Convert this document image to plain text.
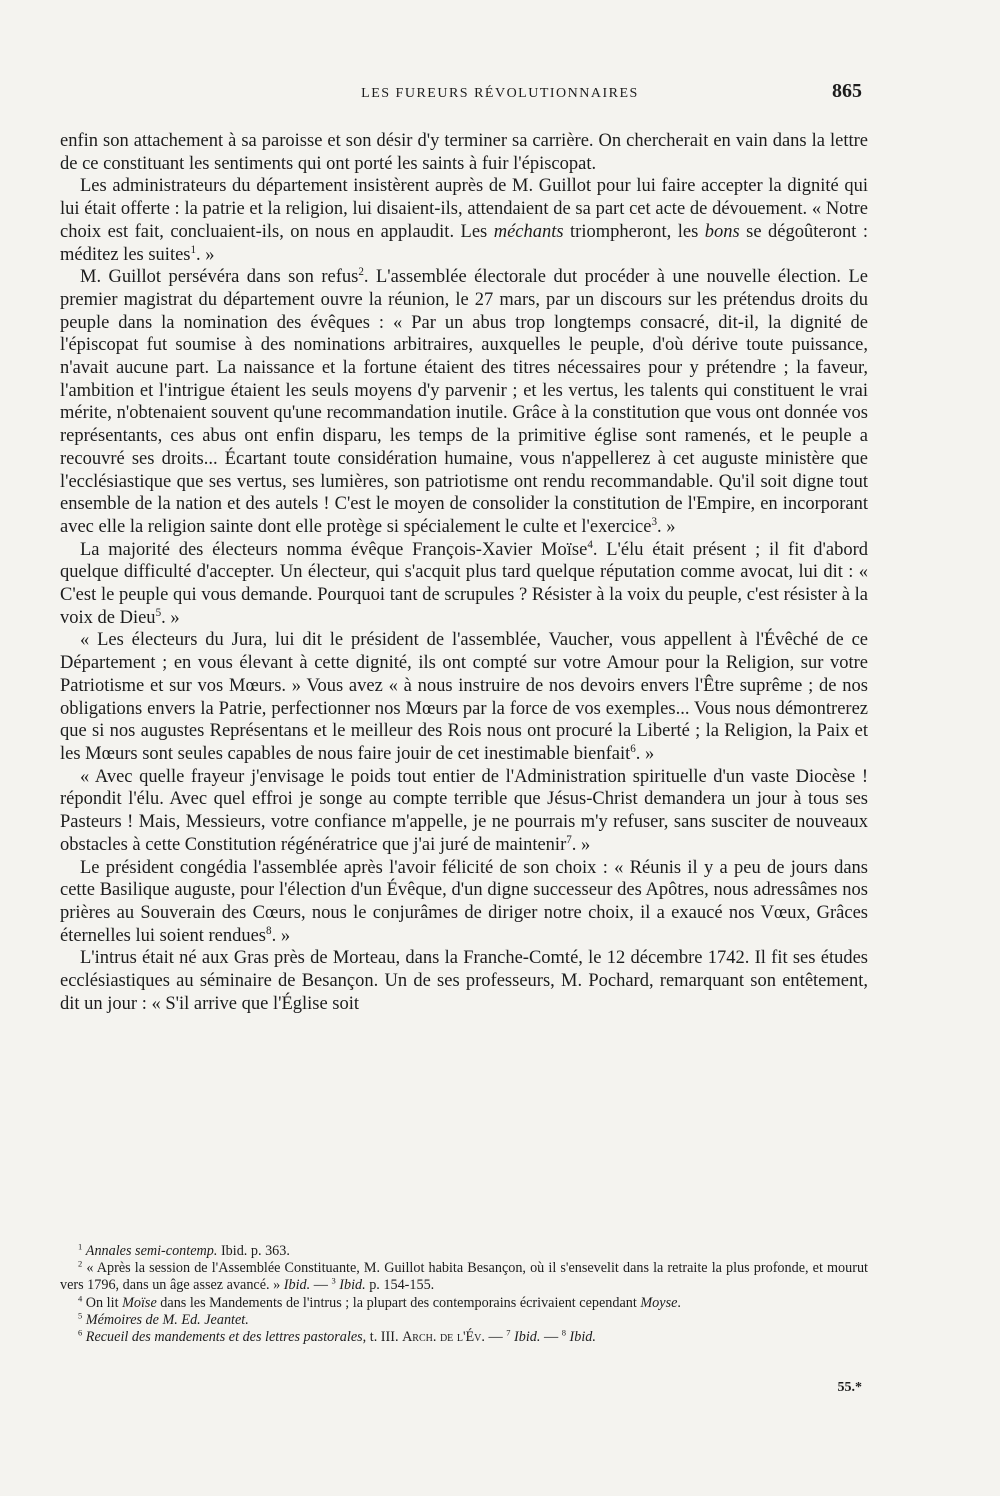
LES FUREURS RÉVOLUTIONNAIRES	865

enfin son attachement à sa paroisse et son désir d'y terminer sa carrière. On chercherait en vain dans la lettre de ce constituant les sentiments qui ont porté les saints à fuir l'épiscopat.

Les administrateurs du département insistèrent auprès de M. Guillot pour lui faire accepter la dignité qui lui était offerte : la patrie et la religion, lui disaient-ils, attendaient de sa part cet acte de dévouement. « Notre choix est fait, concluaient-ils, on nous en applaudit. Les méchants triompheront, les bons se dégoûteront : méditez les suites$^1$. »

M. Guillot persévéra dans son refus$^2$. L'assemblée électorale dut procéder à une nouvelle élection. Le premier magistrat du département ouvre la réunion, le 27 mars, par un discours sur les prétendus droits du peuple dans la nomination des évêques : « Par un abus trop longtemps consacré, dit-il, la dignité de l'épiscopat fut soumise à des nominations arbitraires, auxquelles le peuple, d'où dérive toute puissance, n'avait aucune part. La naissance et la fortune étaient des titres nécessaires pour y prétendre ; la faveur, l'ambition et l'intrigue étaient les seuls moyens d'y parvenir ; et les vertus, les talents qui constituent le vrai mérite, n'obtenaient souvent qu'une recommandation inutile. Grâce à la constitution que vous ont donnée vos représentants, ces abus ont enfin disparu, les temps de la primitive église sont ramenés, et le peuple a recouvré ses droits... Écartant toute considération humaine, vous n'appellerez à cet auguste ministère que l'ecclésiastique que ses vertus, ses lumières, son patriotisme ont rendu recommandable. Qu'il soit digne tout ensemble de la nation et des autels ! C'est le moyen de consolider la constitution de l'Empire, en incorporant avec elle la religion sainte dont elle protège si spécialement le culte et l'exercice$^3$. »

La majorité des électeurs nomma évêque François-Xavier Moïse$^4$. L'élu était présent ; il fit d'abord quelque difficulté d'accepter. Un électeur, qui s'acquit plus tard quelque réputation comme avocat, lui dit : « C'est le peuple qui vous demande. Pourquoi tant de scrupules ? Résister à la voix du peuple, c'est résister à la voix de Dieu$^5$. »

« Les électeurs du Jura, lui dit le président de l'assemblée, Vaucher, vous appellent à l'Évêché de ce Département ; en vous élevant à cette dignité, ils ont compté sur votre Amour pour la Religion, sur votre Patriotisme et sur vos Mœurs. » Vous avez « à nous instruire de nos devoirs envers l'Être suprême ; de nos obligations envers la Patrie, perfectionner nos Mœurs par la force de vos exemples... Vous nous démontrerez que si nos augustes Représentans et le meilleur des Rois nous ont procuré la Liberté ; la Religion, la Paix et les Mœurs sont seules capables de nous faire jouir de cet inestimable bienfait$^6$. »

« Avec quelle frayeur j'envisage le poids tout entier de l'Administration spirituelle d'un vaste Diocèse ! répondit l'élu. Avec quel effroi je songe au compte terrible que Jésus-Christ demandera un jour à tous ses Pasteurs ! Mais, Messieurs, votre confiance m'appelle, je ne pourrais m'y refuser, sans susciter de nouveaux obstacles à cette Constitution régénératrice que j'ai juré de maintenir$^7$. »

Le président congédia l'assemblée après l'avoir félicité de son choix : « Réunis il y a peu de jours dans cette Basilique auguste, pour l'élection d'un Évêque, d'un digne successeur des Apôtres, nous adressâmes nos prières au Souverain des Cœurs, nous le conjurâmes de diriger notre choix, il a exaucé nos Vœux, Grâces éternelles lui soient rendues$^8$. »

L'intrus était né aux Gras près de Morteau, dans la Franche-Comté, le 12 décembre 1742. Il fit ses études ecclésiastiques au séminaire de Besançon. Un de ses professeurs, M. Pochard, remarquant son entêtement, dit un jour : « S'il arrive que l'Église soit

$^1$ Annales semi-contemp. Ibid. p. 363.

$^2$ « Après la session de l'Assemblée Constituante, M. Guillot habita Besançon, où il s'ensevelit dans la retraite la plus profonde, et mourut vers 1796, dans un âge assez avancé. » Ibid. — $^3$ Ibid. p. 154-155.

$^4$ On lit Moïse dans les Mandements de l'intrus ; la plupart des contemporains écrivaient cependant Moyse.

$^5$ Mémoires de M. Ed. Jeantet.

$^6$ Recueil des mandements et des lettres pastorales, t. III. Arch. de l'Év. — $^7$ Ibid. — $^8$ Ibid.

55.*
